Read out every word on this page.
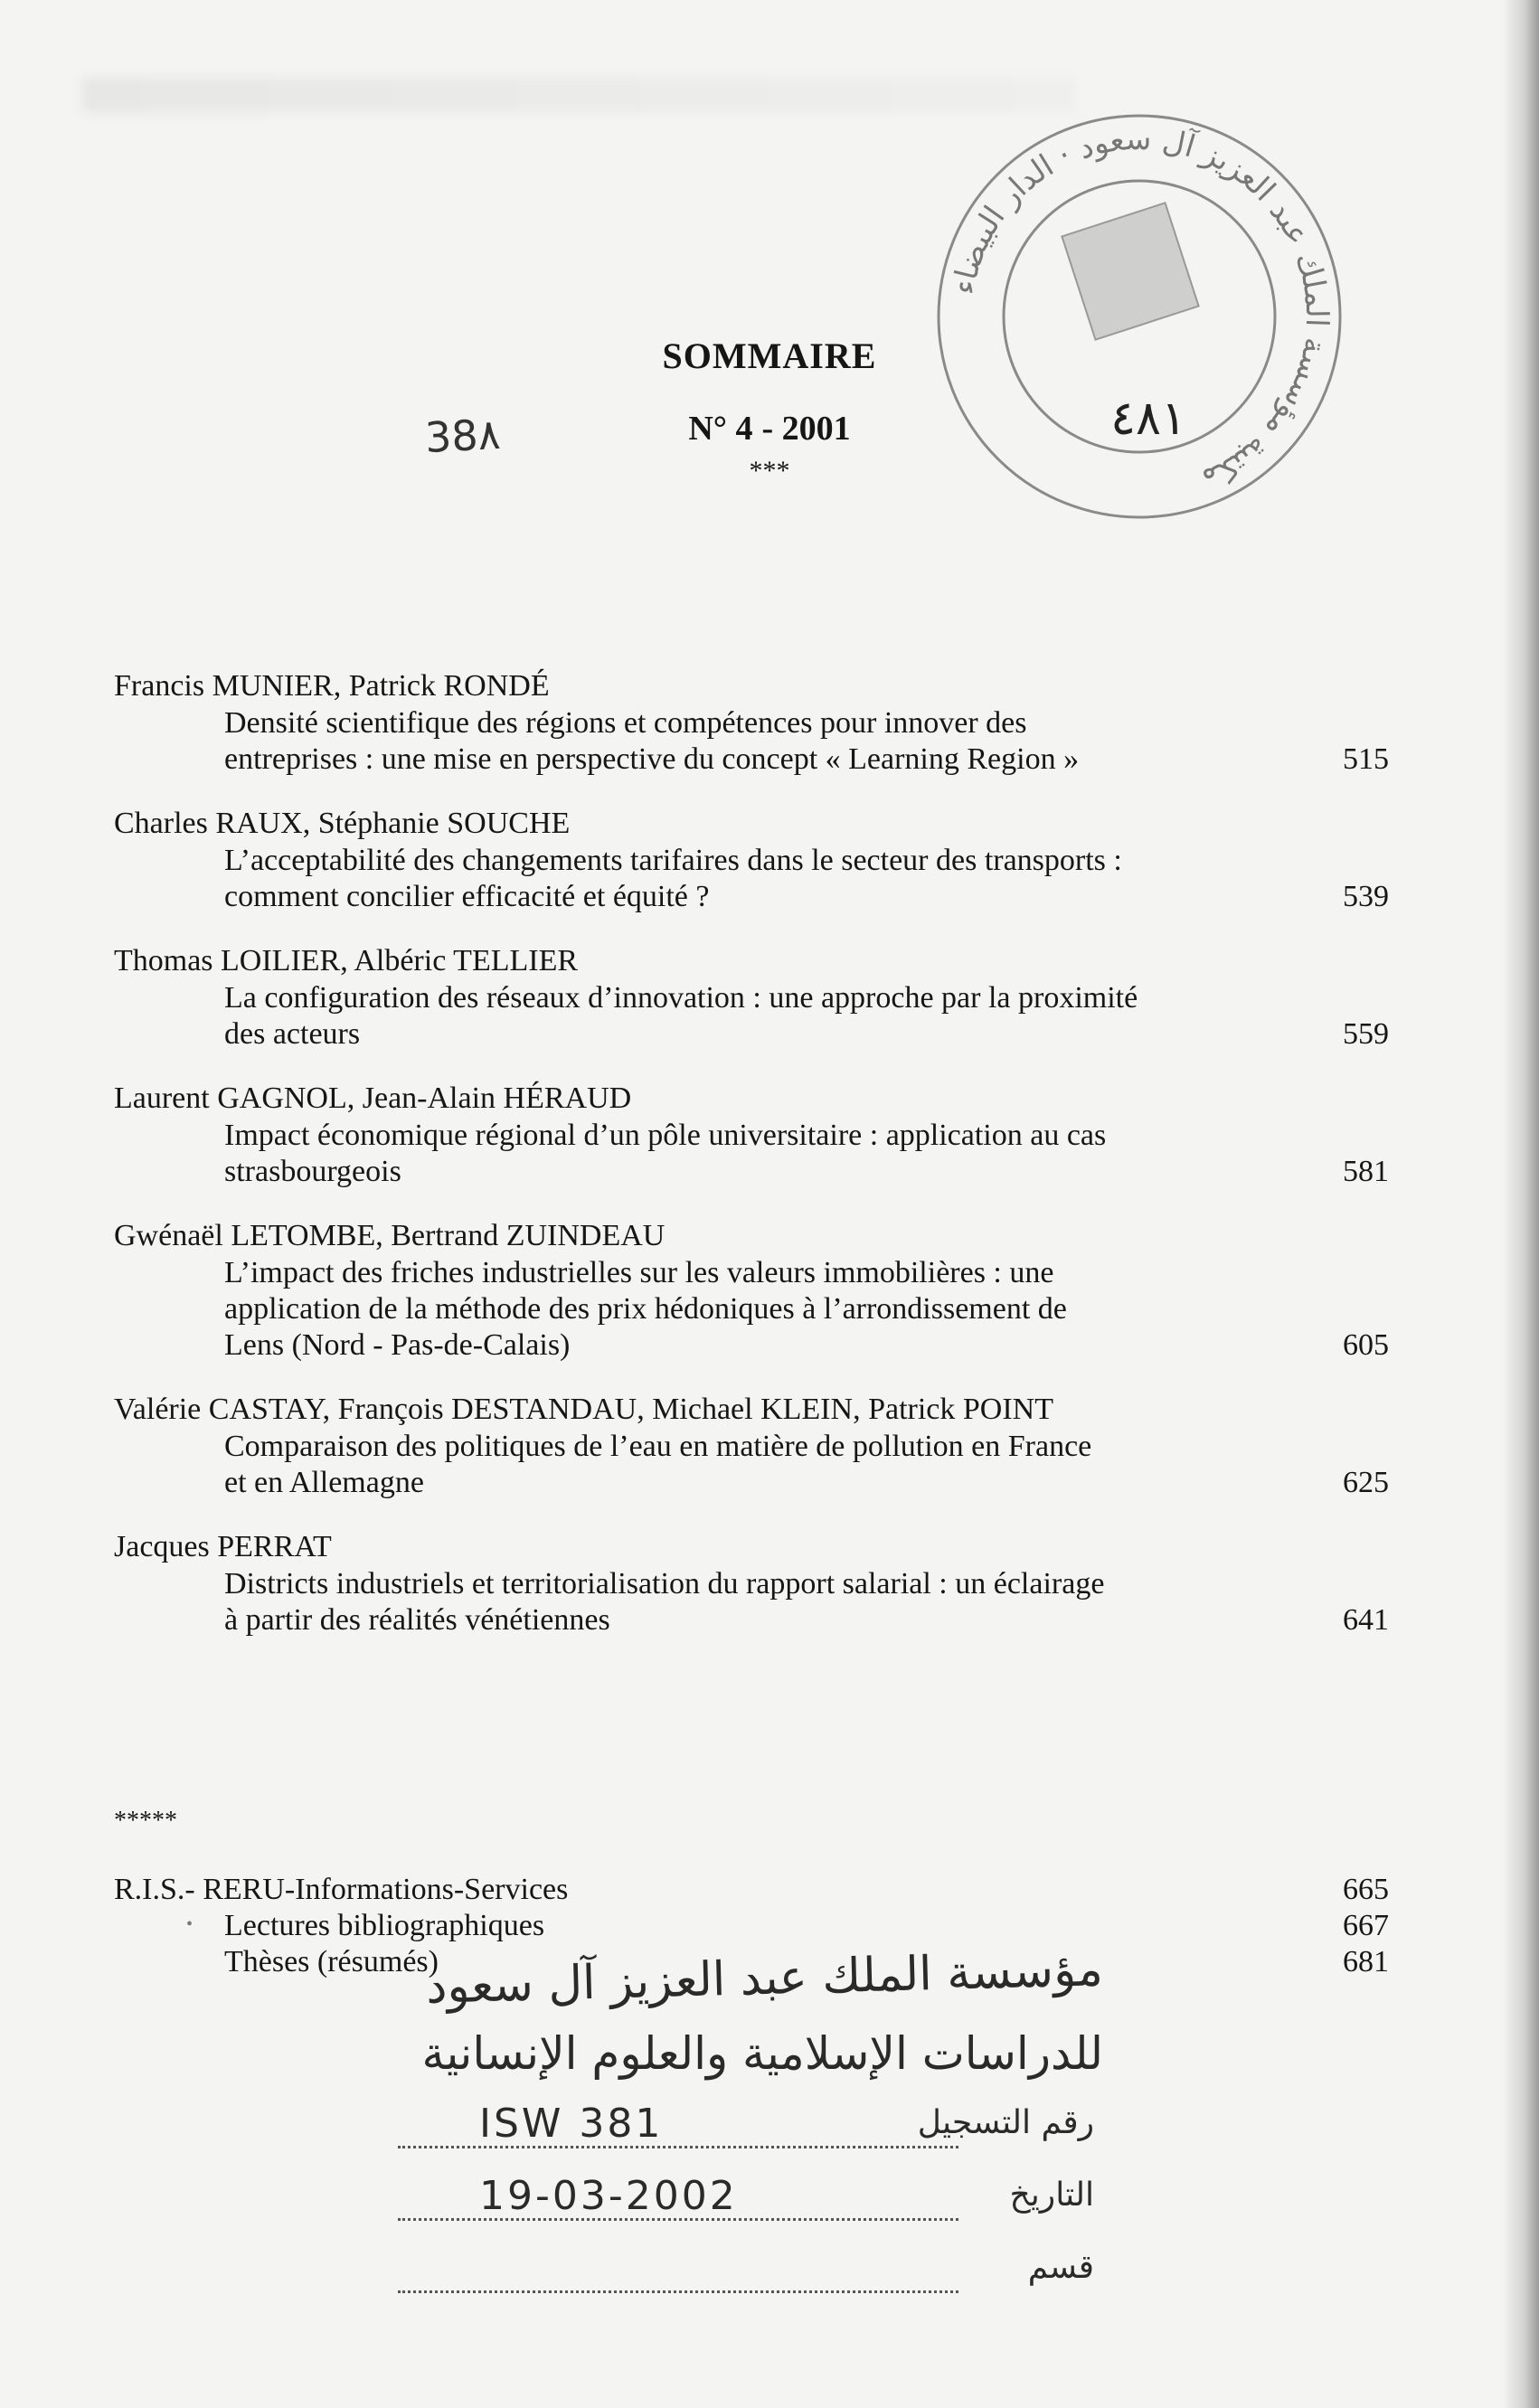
SOMMAIRE
N° 4 - 2001
***
38۸
مكتبة مؤسسة الملك عبد العزيز آل سعود · الدار البيضاء
٤٨١
Francis MUNIER, Patrick RONDÉ
Densité scientifique des régions et compétences pour innover des
entreprises : une mise en perspective du concept « Learning Region »	515
Charles RAUX, Stéphanie SOUCHE
L’acceptabilité des changements tarifaires dans le secteur des transports :
comment concilier efficacité et équité ?	539
Thomas LOILIER, Albéric TELLIER
La configuration des réseaux d’innovation : une approche par la proximité
des acteurs	559
Laurent GAGNOL, Jean-Alain HÉRAUD
Impact économique régional d’un pôle universitaire : application au cas
strasbourgeois	581
Gwénaël LETOMBE, Bertrand ZUINDEAU
L’impact des friches industrielles sur les valeurs immobilières : une
application de la méthode des prix hédoniques à l’arrondissement de
Lens (Nord - Pas-de-Calais)	605
Valérie CASTAY, François DESTANDAU, Michael KLEIN, Patrick POINT
Comparaison des politiques de l’eau en matière de pollution en France
et en Allemagne	625
Jacques PERRAT
Districts industriels et territorialisation du rapport salarial : un éclairage
à partir des réalités vénétiennes	641
*****
R.I.S.- RERU-Informations-Services	665
• Lectures bibliographiques	667
Thèses (résumés)	681
مؤسسة الملك عبد العزيز آل سعود
للدراسات الإسلامية والعلوم الإنسانية
ISW 381	رقم التسجيل
19-03-2002	التاريخ
قسم
